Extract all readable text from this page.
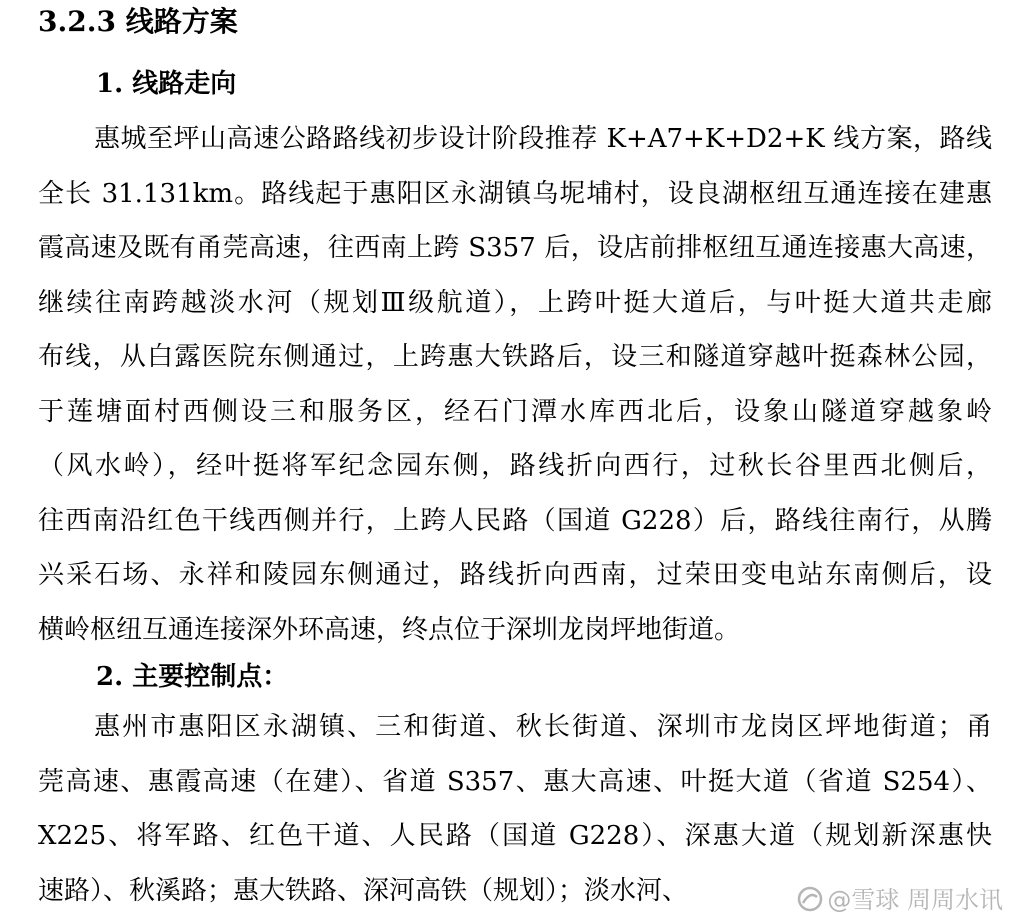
3.2.3 线路方案
1. 线路走向
惠城至坪山高速公路路线初步设计阶段推荐 K+A7+K+D2+K 线方案，路线
全长 31.131km。路线起于惠阳区永湖镇乌坭埔村，设良湖枢纽互通连接在建惠
霞高速及既有甬莞高速，往西南上跨 S357 后，设店前排枢纽互通连接惠大高速，
继续往南跨越淡水河（规划Ⅲ级航道），上跨叶挺大道后，与叶挺大道共走廊
布线，从白露医院东侧通过，上跨惠大铁路后，设三和隧道穿越叶挺森林公园，
于莲塘面村西侧设三和服务区，经石门潭水库西北后，设象山隧道穿越象岭
（风水岭），经叶挺将军纪念园东侧，路线折向西行，过秋长谷里西北侧后，
往西南沿红色干线西侧并行，上跨人民路（国道 G228）后，路线往南行，从腾
兴采石场、永祥和陵园东侧通过，路线折向西南，过荣田变电站东南侧后，设
横岭枢纽互通连接深外环高速，终点位于深圳龙岗坪地街道。
2. 主要控制点：
惠州市惠阳区永湖镇、三和街道、秋长街道、深圳市龙岗区坪地街道；甬
莞高速、惠霞高速（在建）、省道 S357、惠大高速、叶挺大道（省道 S254）、
X225、将军路、红色干道、人民路（国道 G228）、深惠大道（规划新深惠快
速路）、秋溪路；惠大铁路、深河高铁（规划）；淡水河、	@雪球 周周水讯
